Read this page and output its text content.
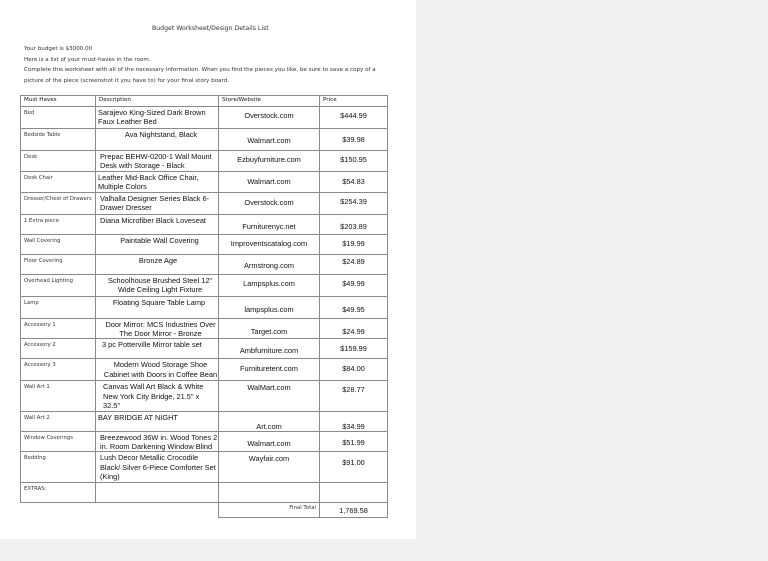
Budget Worksheet/Design Details List
Your budget is $3000.00
Here is a list of your must-haves in the room.
Complete this worksheet with all of the necessary information. When you find the pieces you like, be sure to save a copy of a
picture of the piece (screenshot it you have to) for your final story board.
Must Haves	Description	Store/Website	Price
Bed	Sarajevo King-Sized Dark Brown Faux Leather Bed	Overstock.com	$444.99

Bedside Table	Ava Nightstand, Black	Walmart.com	$39.98

Desk	Prepac BEHW-0200-1 Wall Mount Desk with Storage - Black	Ezbuyfurniture.com	$150.95

Desk Chair	Leather Mid-Back Office Chair, Multiple Colors	Walmart.com	$54.83

Dresser/Chest of Drawers	Valhalla Designer Series Black 6-Drawer Dresser	Overstock.com	$254.39

1 Extra piece	Diana Microfiber Black Loveseat	Furniturenyc.net	$203.89

Wall Covering	Paintable Wall Covering	Improventscatalog.com	$19.99

Floor Covering	Bronze Age	Armstrong.com	$24.89

Overhead Lighting	Schoolhouse Brushed Steel 12" Wide Ceiling Light Fixture	Lampsplus.com	$49.99

Lamp	Floating Square Table Lamp	lampsplus.com	$49.95

Accessory 1	Door Mirror: MCS Industries Over The Door Mirror - Bronze	Target.com	$24.99

Accessory 2	3 pc Potterville Mirror table set	Ambfurniture.com	$159.99

Accessory 3	Modern Wood Storage Shoe Cabinet with Doors in Coffee Bean	Furnituretent.com	$84.00

Wall Art 1	Canvas Wall Art Black & White New York City Bridge, 21.5" x 32.5"	WalMart.com	$28.77

Wall Art 2	BAY BRIDGE AT NIGHT	Art.com	$34.99

Window Coverings	Breezewood 36W in. Wood Tones 2 in. Room Darkening Window Blind	Walmart.com	$51.99

Bedding	Lush Decor Metallic Crocodile Black/ Silver 6-Piece Comforter Set (King)	Wayfair.com	$91.00

EXTRAS:	

		Final Total	1,769.58
